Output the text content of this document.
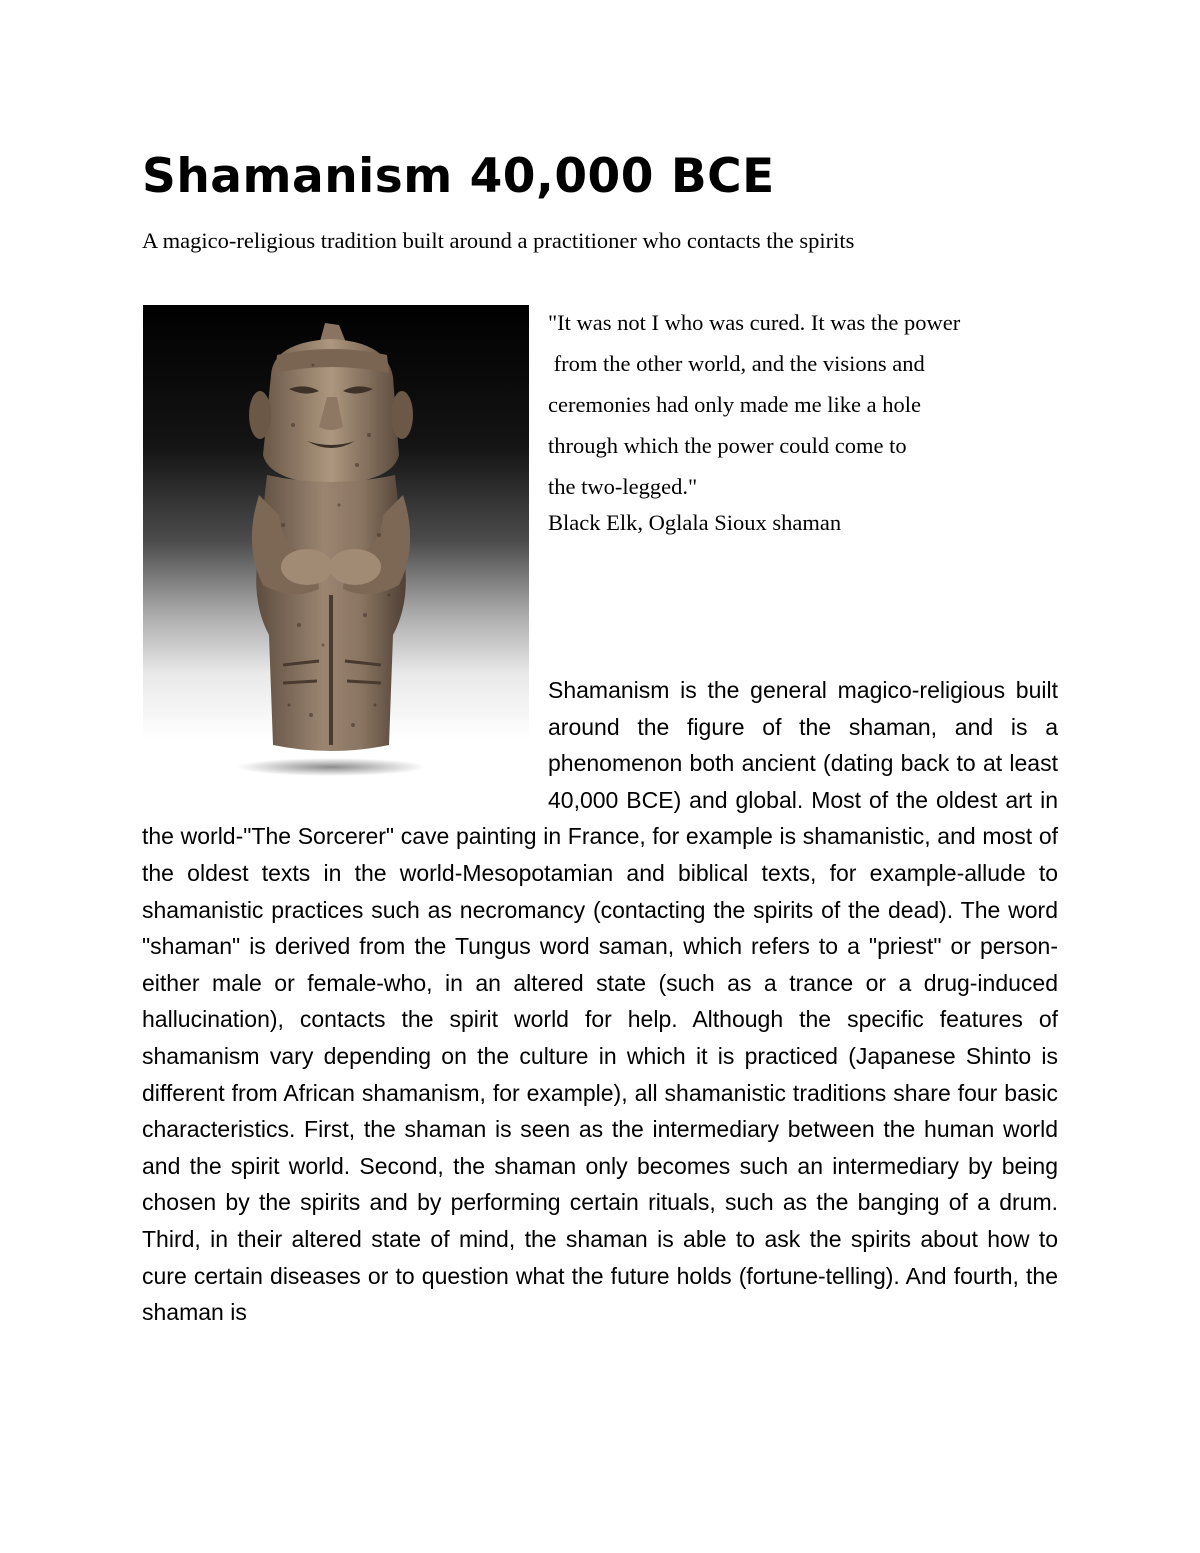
Shamanism 40,000 BCE

A magico-religious tradition built around a practitioner who contacts the spirits

"It was not I who was cured. It was the power
from the other world, and the visions and
ceremonies had only made me like a hole
through which the power could come to
the two-legged."
Black Elk, Oglala Sioux shaman

Shamanism is the general magico-religious built around the figure of the shaman, and is a phenomenon both ancient (dating back to at least 40,000 BCE) and global. Most of the oldest art in the world-"The Sorcerer" cave painting in France, for example is shamanistic, and most of the oldest texts in the world-Mesopotamian and biblical texts, for example-allude to shamanistic practices such as necromancy (contacting the spirits of the dead). The word "shaman" is derived from the Tungus word saman, which refers to a "priest" or person-either male or female-who, in an altered state (such as a trance or a drug-induced hallucination), contacts the spirit world for help. Although the specific features of shamanism vary depending on the culture in which it is practiced (Japanese Shinto is different from African shamanism, for example), all shamanistic traditions share four basic characteristics. First, the shaman is seen as the intermediary between the human world and the spirit world. Second, the shaman only becomes such an intermediary by being chosen by the spirits and by performing certain rituals, such as the banging of a drum. Third, in their altered state of mind, the shaman is able to ask the spirits about how to cure certain diseases or to question what the future holds (fortune-telling). And fourth, the shaman is
